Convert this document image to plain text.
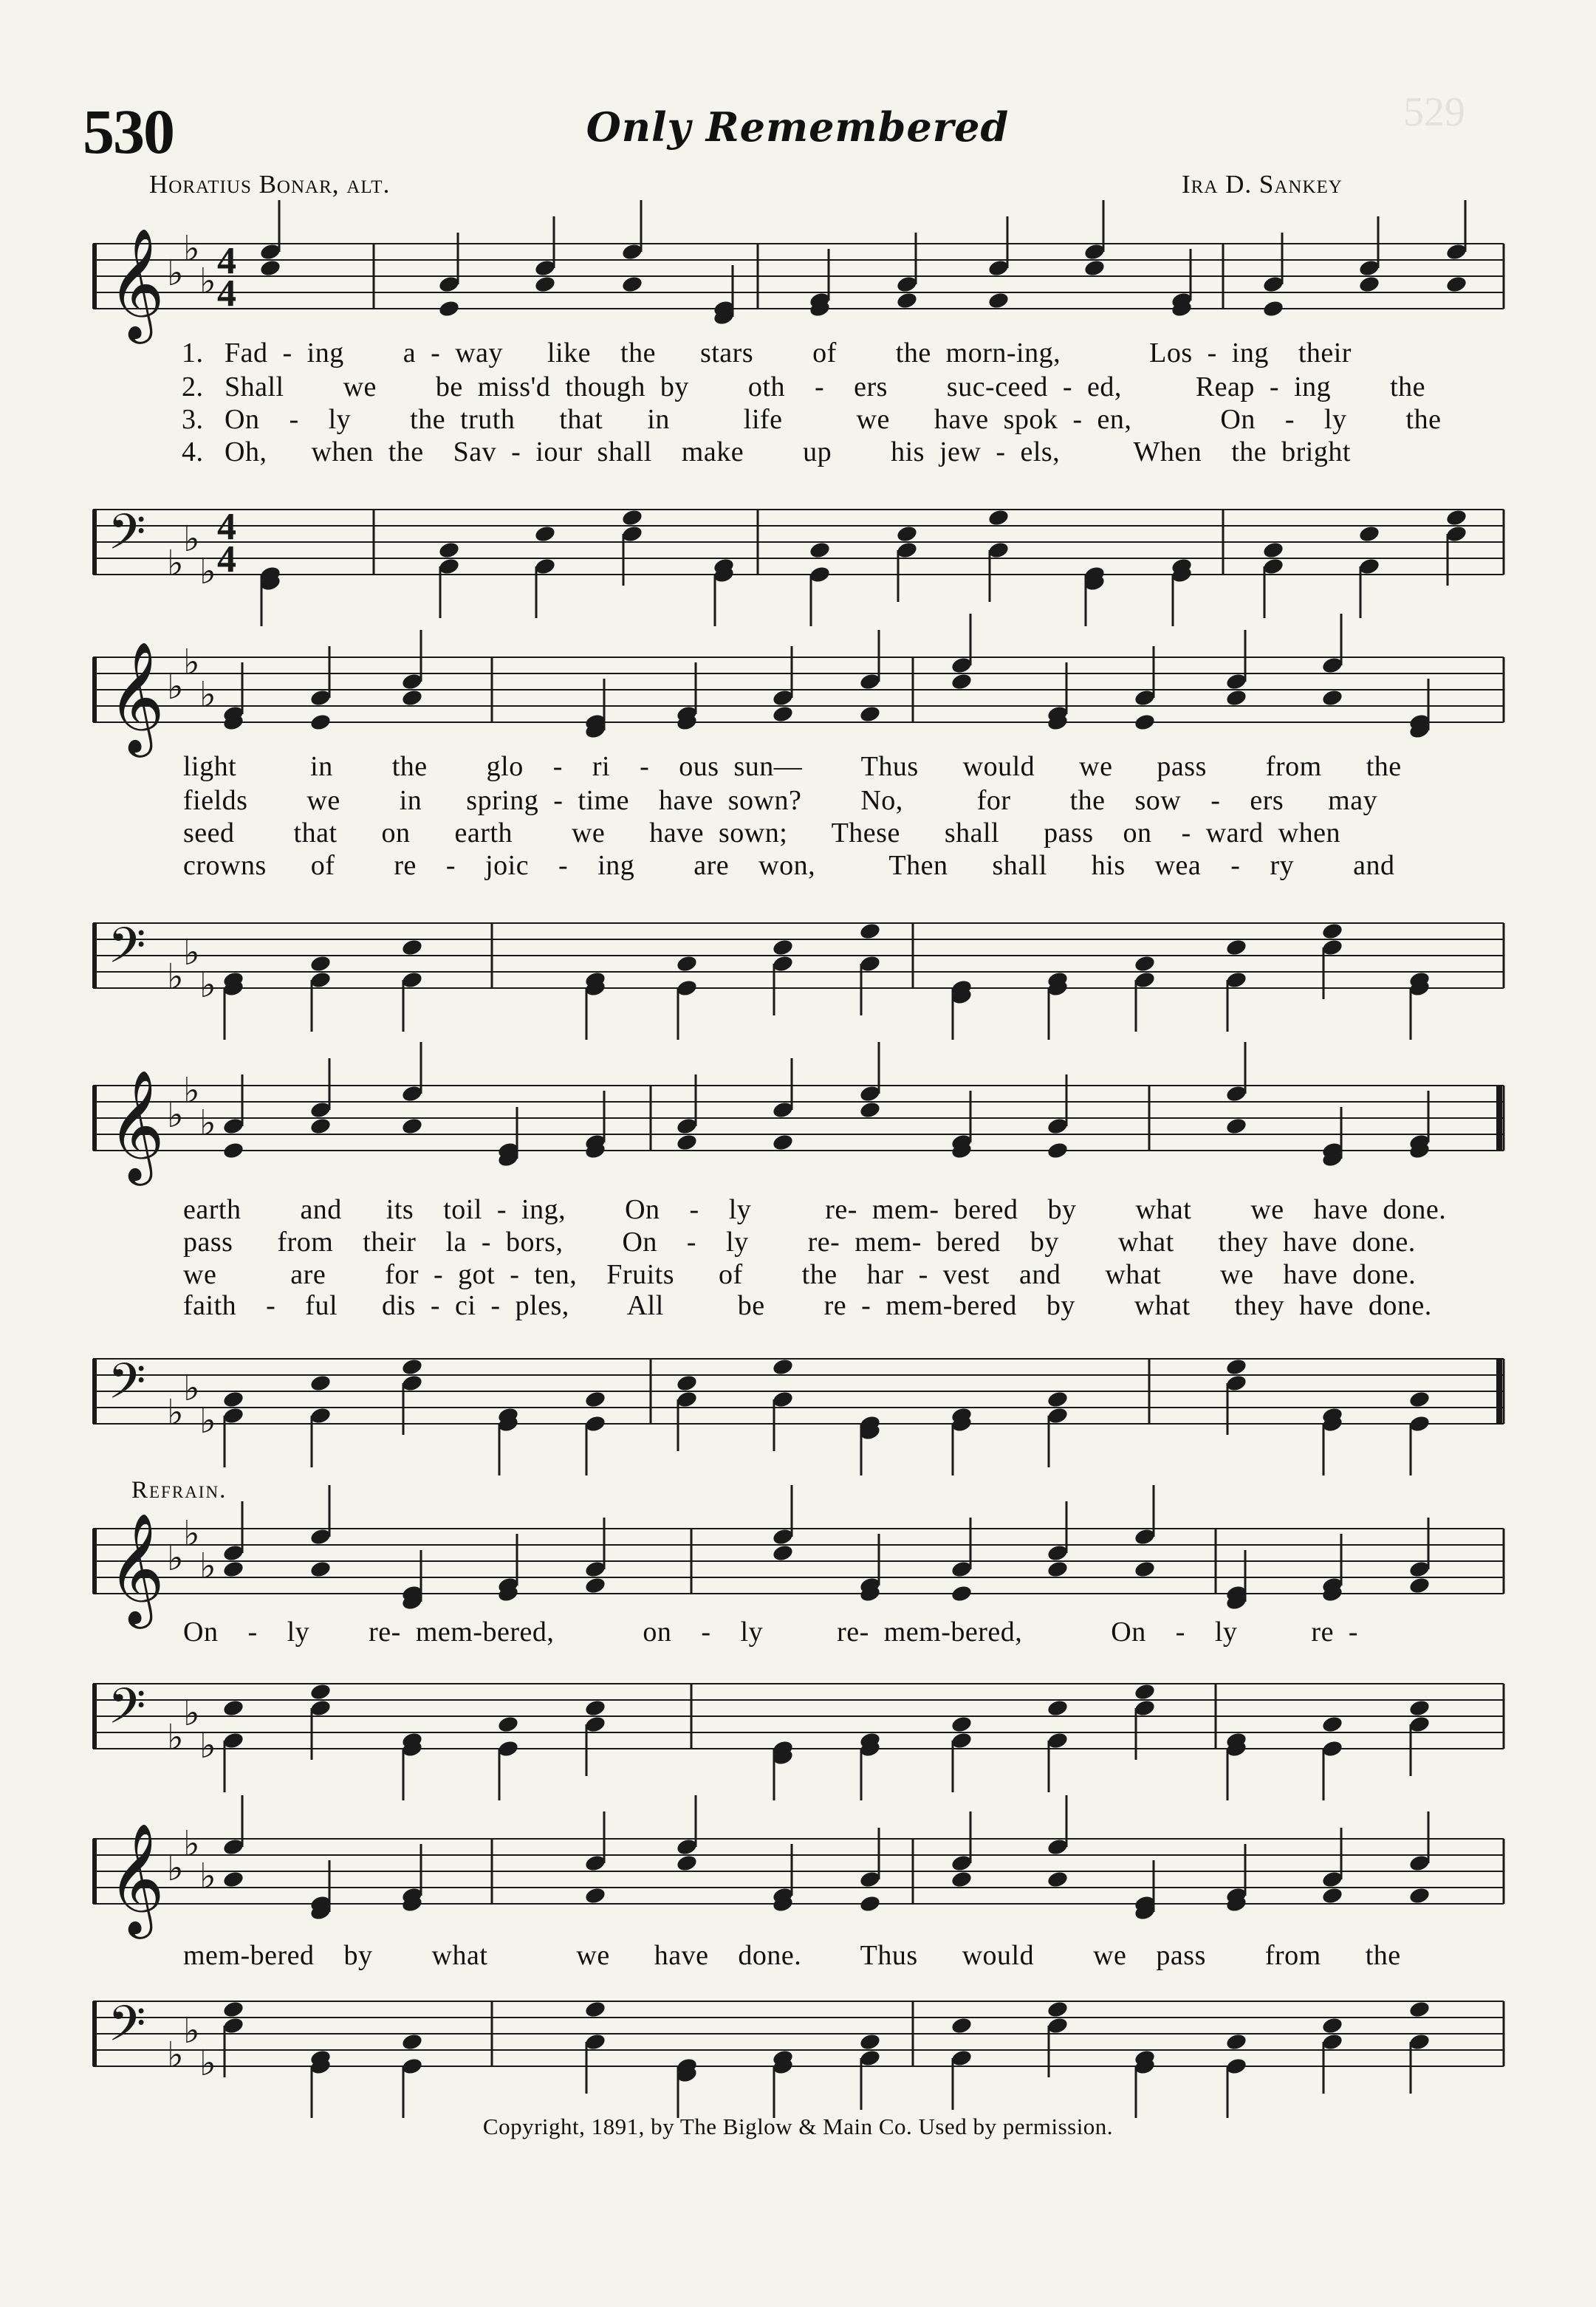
529
530	Only Remembered
Horatius Bonar, alt.	Ira D. Sankey
𝄞 ♭
♭
♭ 4
4
1. Fad - ing    a - way   like  the   stars    of    the morn-ing,      Los - ing  their
2. Shall    we    be miss'd though by    oth  -  ers    suc-ceed - ed,     Reap - ing    the
3. On  -  ly    the truth   that   in     life     we   have spok - en,      On  -  ly    the
4. Oh,   when the  Sav - iour shall  make    up    his jew - els,     When  the bright
𝄢 ♭
♭
♭
4
4
𝄞 ♭
♭
♭
light     in    the    glo  -  ri  -  ous sun—    Thus   would   we   pass    from   the
fields    we    in   spring - time  have sown?    No,     for    the  sow  -  ers   may
seed    that   on   earth    we   have sown;   These   shall   pass  on  - ward when
crowns   of    re  -  joic  -  ing    are  won,     Then   shall   his  wea  -  ry    and
𝄢 ♭
♭
♭
𝄞 ♭
♭
♭
earth    and   its  toil - ing,    On  -  ly     re- mem- bered  by    what    we  have done.
pass   from  their  la - bors,    On  -  ly    re- mem- bered  by    what   they have done.
we     are    for - got - ten,  Fruits   of    the  har - vest  and   what    we  have done.
faith  -  ful   dis - ci - ples,    All     be    re - mem-bered  by    what   they have done.
𝄢 ♭
♭
♭
Refrain.
𝄞 ♭
♭
♭
On  -  ly    re- mem-bered,      on  -  ly     re- mem-bered,      On  -  ly     re -
𝄢 ♭
♭
♭
𝄞 ♭
♭
♭
mem-bered  by    what      we   have  done.    Thus   would    we  pass    from   the
𝄢 ♭
♭
♭
Copyright, 1891, by The Biglow & Main Co. Used by permission.
